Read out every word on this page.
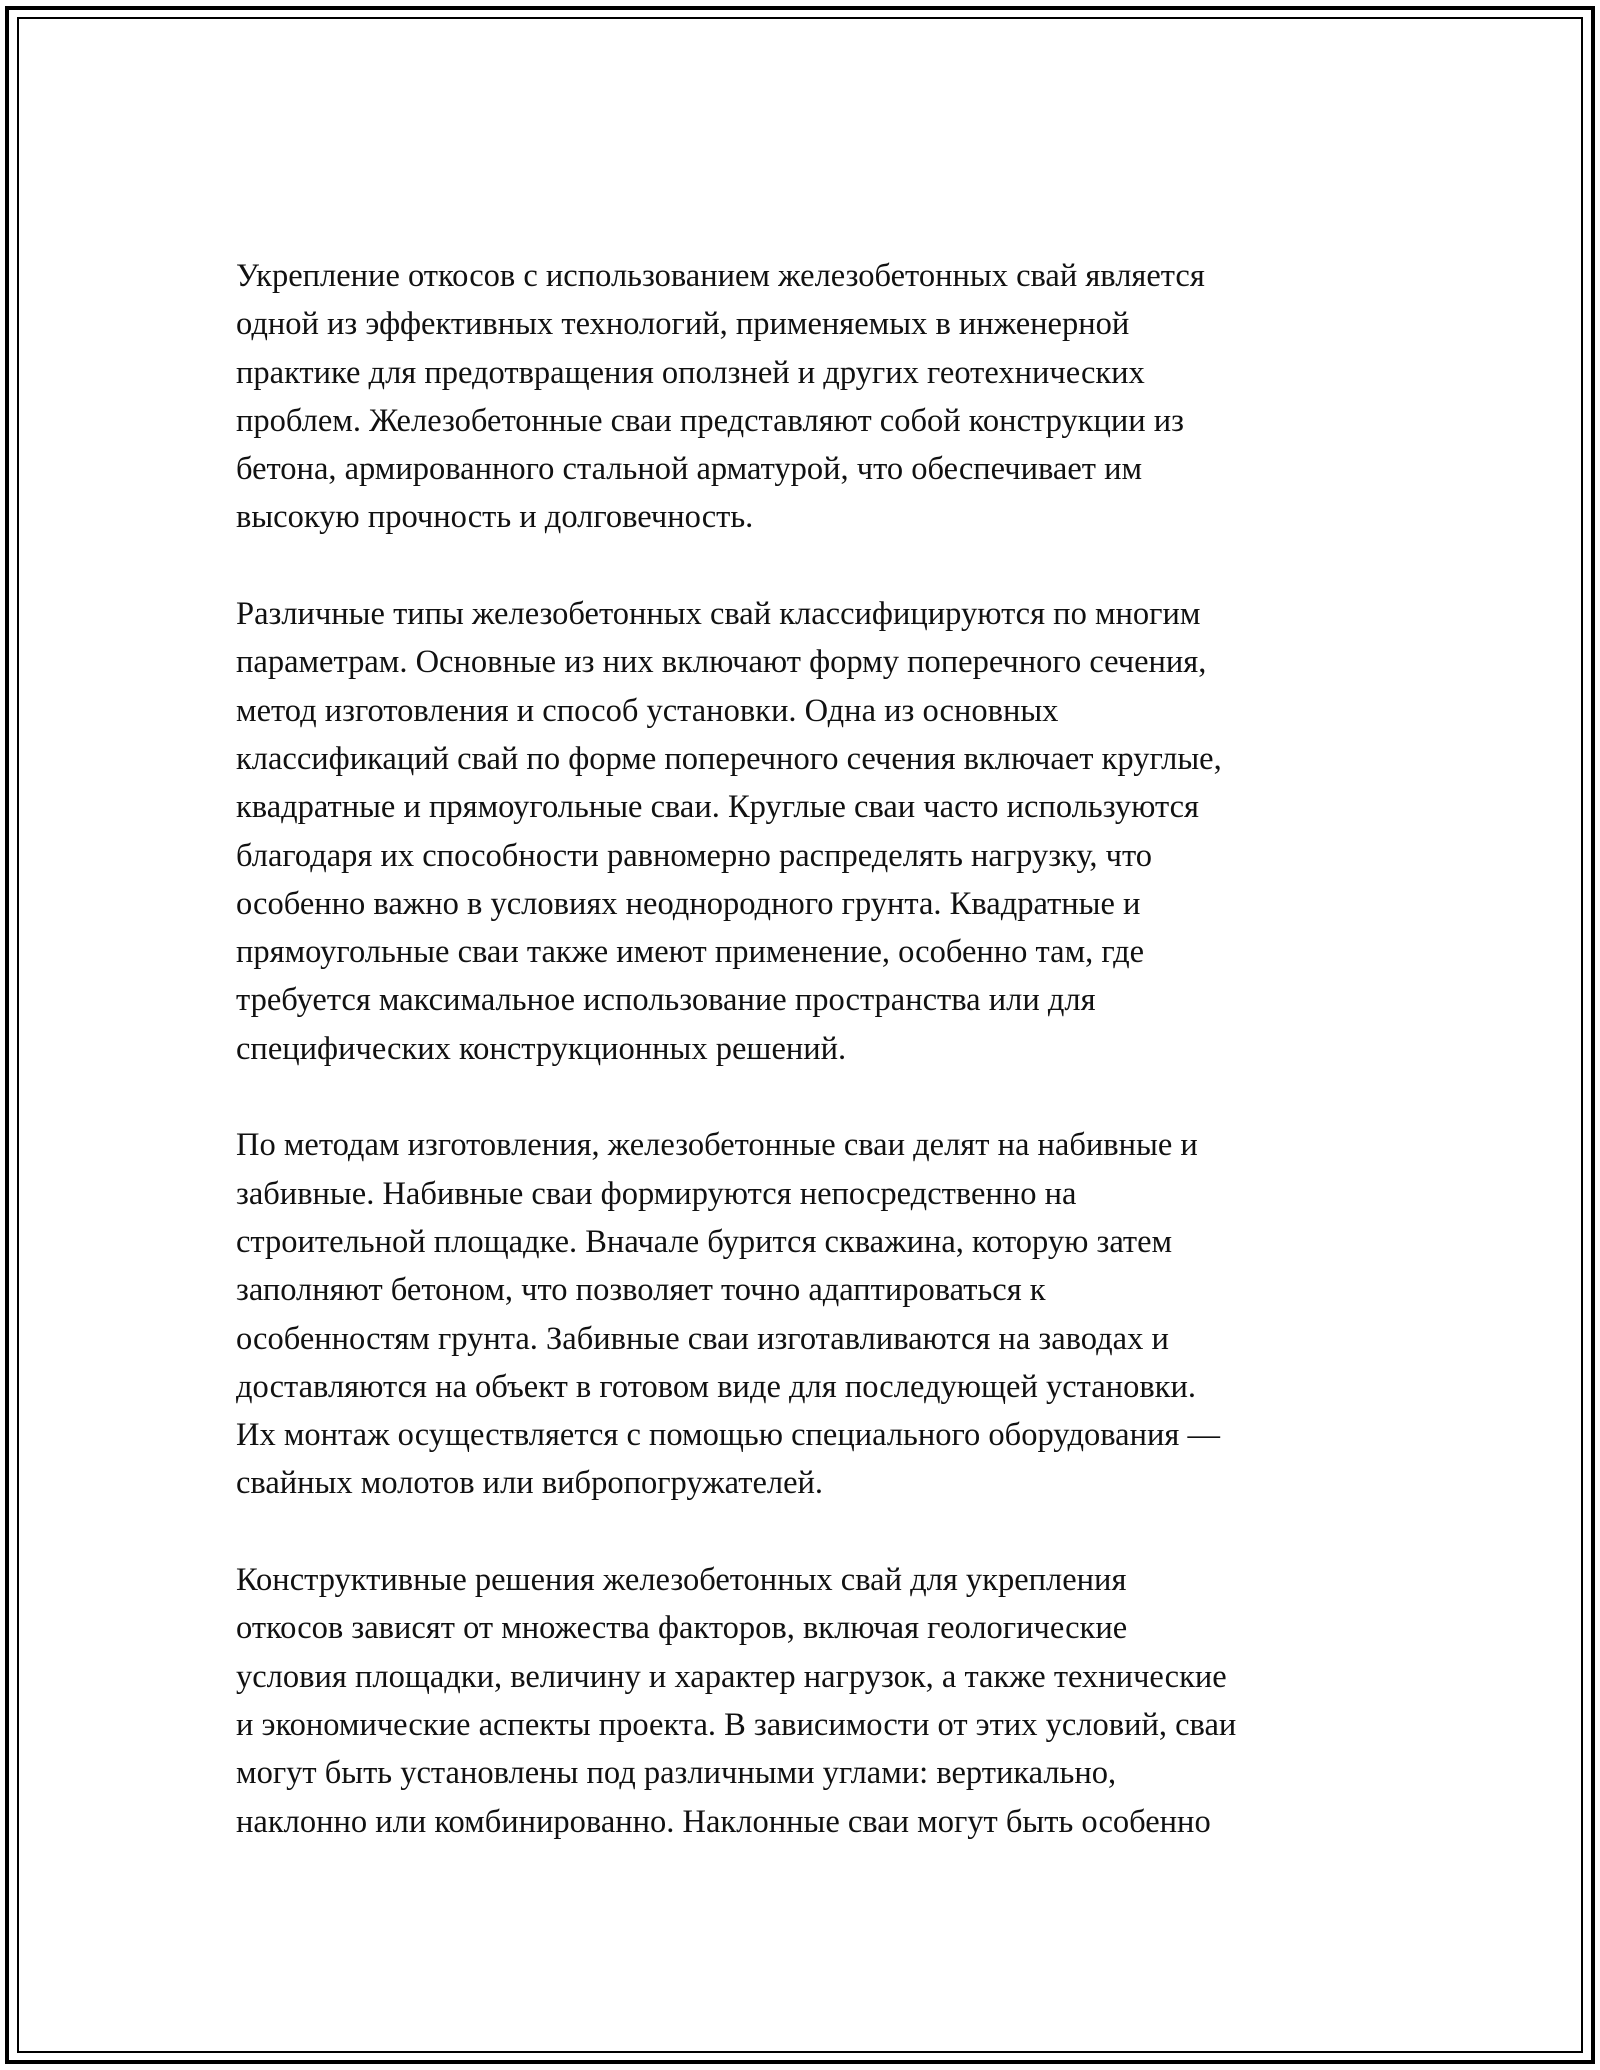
Укрепление откосов с использованием железобетонных свай является
одной из эффективных технологий, применяемых в инженерной
практике для предотвращения оползней и других геотехнических
проблем. Железобетонные сваи представляют собой конструкции из
бетона, армированного стальной арматурой, что обеспечивает им
высокую прочность и долговечность.
Различные типы железобетонных свай классифицируются по многим
параметрам. Основные из них включают форму поперечного сечения,
метод изготовления и способ установки. Одна из основных
классификаций свай по форме поперечного сечения включает круглые,
квадратные и прямоугольные сваи. Круглые сваи часто используются
благодаря их способности равномерно распределять нагрузку, что
особенно важно в условиях неоднородного грунта. Квадратные и
прямоугольные сваи также имеют применение, особенно там, где
требуется максимальное использование пространства или для
специфических конструкционных решений.
По методам изготовления, железобетонные сваи делят на набивные и
забивные. Набивные сваи формируются непосредственно на
строительной площадке. Вначале бурится скважина, которую затем
заполняют бетоном, что позволяет точно адаптироваться к
особенностям грунта. Забивные сваи изготавливаются на заводах и
доставляются на объект в готовом виде для последующей установки.
Их монтаж осуществляется с помощью специального оборудования —
свайных молотов или вибропогружателей.
Конструктивные решения железобетонных свай для укрепления
откосов зависят от множества факторов, включая геологические
условия площадки, величину и характер нагрузок, а также технические
и экономические аспекты проекта. В зависимости от этих условий, сваи
могут быть установлены под различными углами: вертикально,
наклонно или комбинированно. Наклонные сваи могут быть особенно
